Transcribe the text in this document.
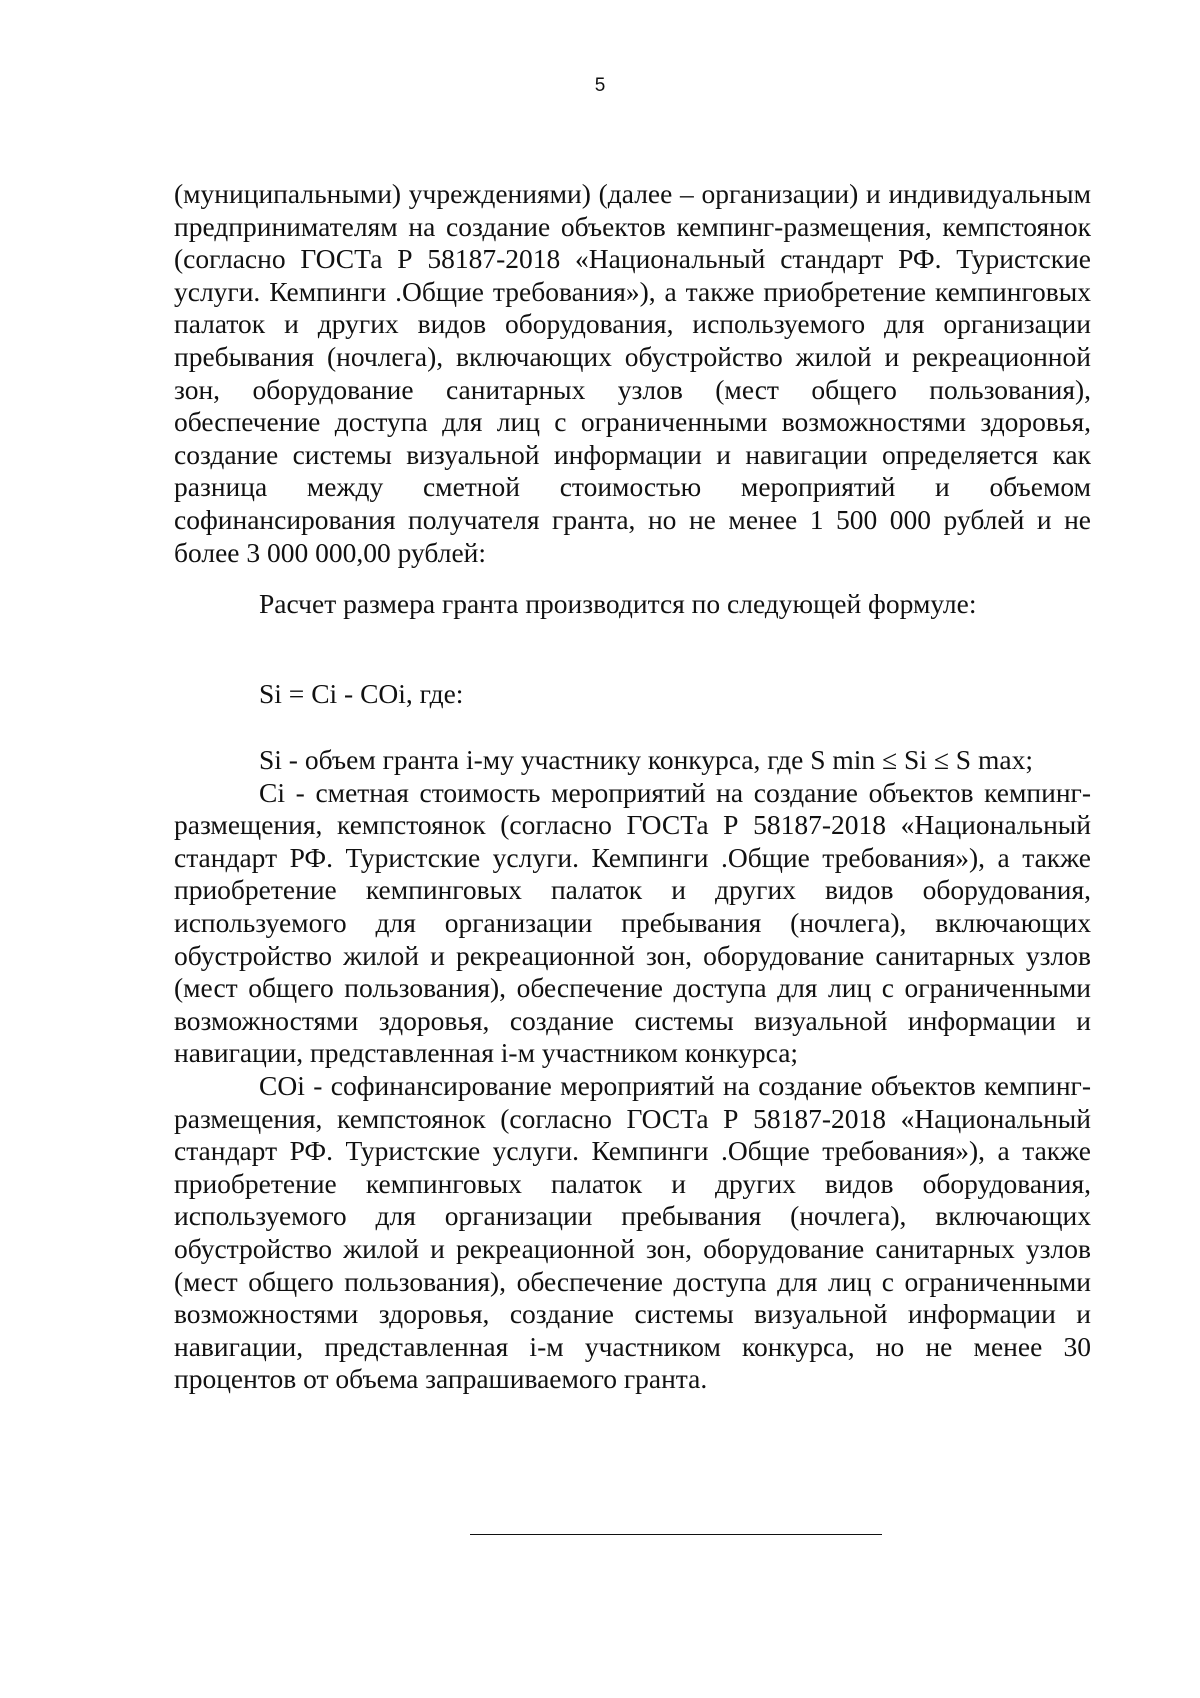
5

(муниципальными) учреждениями) (далее – организации) и индивидуальным предпринимателям на создание объектов кемпинг-размещения, кемпстоянок (согласно ГОСТа Р 58187-2018 «Национальный стандарт РФ. Туристские услуги. Кемпинги .Общие требования»), а также приобретение кемпинговых палаток и других видов оборудования, используемого для организации пребывания (ночлега), включающих обустройство жилой и рекреационной зон, оборудование санитарных узлов (мест общего пользования), обеспечение доступа для лиц с ограниченными возможностями здоровья, создание системы визуальной информации и навигации определяется как разница между сметной стоимостью мероприятий и объемом софинансирования получателя гранта, но не менее 1 500 000 рублей и не более 3 000 000,00 рублей:

Расчет размера гранта производится по следующей формуле:

Si = Ci - COi, где:

Si - объем гранта i-му участнику конкурса, где S min ≤ Si ≤ S max;

Ci - сметная стоимость мероприятий на создание объектов кемпинг-размещения, кемпстоянок (согласно ГОСТа Р 58187-2018 «Национальный стандарт РФ. Туристские услуги. Кемпинги .Общие требования»), а также приобретение кемпинговых палаток и других видов оборудования, используемого для организации пребывания (ночлега), включающих обустройство жилой и рекреационной зон, оборудование санитарных узлов (мест общего пользования), обеспечение доступа для лиц с ограниченными возможностями здоровья, создание системы визуальной информации и навигации, представленная i-м участником конкурса;

COi - софинансирование мероприятий на создание объектов кемпинг-размещения, кемпстоянок (согласно ГОСТа Р 58187-2018 «Национальный стандарт РФ. Туристские услуги. Кемпинги .Общие требования»), а также приобретение кемпинговых палаток и других видов оборудования, используемого для организации пребывания (ночлега), включающих обустройство жилой и рекреационной зон, оборудование санитарных узлов (мест общего пользования), обеспечение доступа для лиц с ограниченными возможностями здоровья, создание системы визуальной информации и навигации, представленная i-м участником конкурса, но не менее 30 процентов от объема запрашиваемого гранта.
